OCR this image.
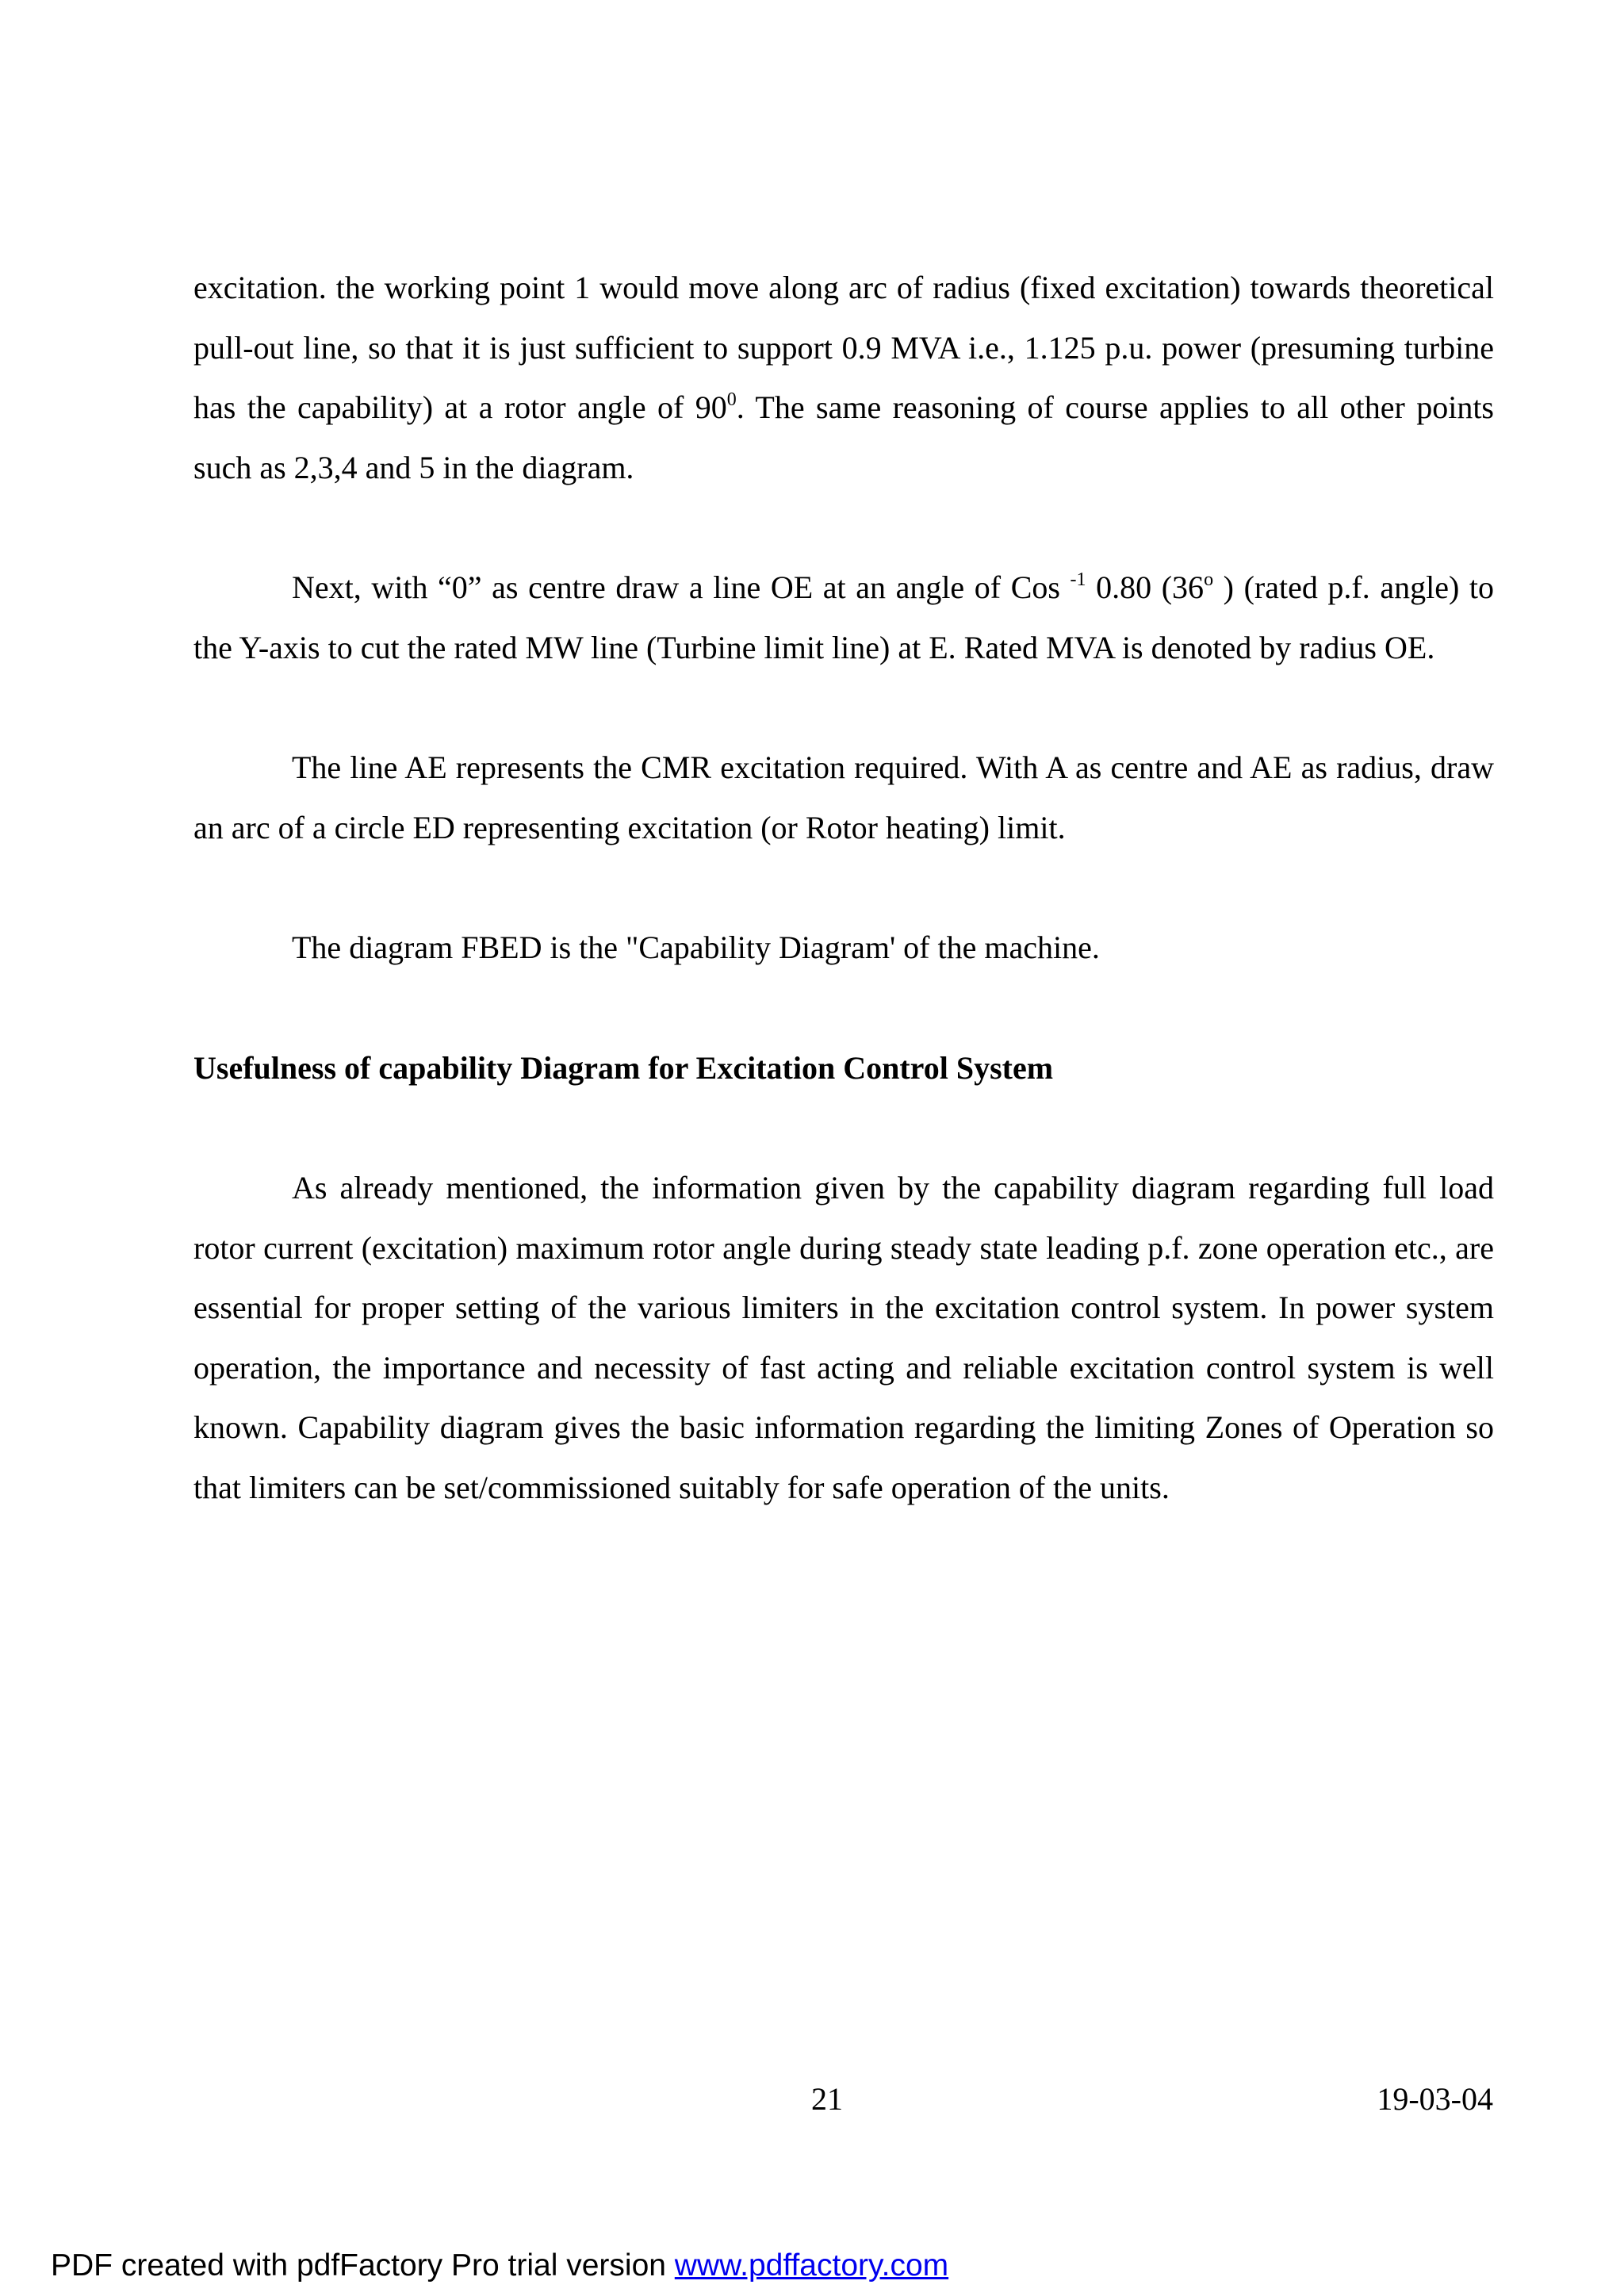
excitation. the working point 1 would move along arc of radius (fixed excitation) towards theoretical pull-out line, so that it is just sufficient to support 0.9 MVA i.e., 1.125 p.u. power (presuming turbine has the capability) at a rotor angle of $90^0$. The same reasoning of course applies to all other points such as 2,3,4 and 5 in the diagram.

Next, with “0” as centre draw a line OE at an angle of Cos $^{-1}$ 0.80 (36$^o$ ) (rated p.f. angle) to the Y-axis to cut the rated MW line (Turbine limit line) at E. Rated MVA is denoted by radius OE.

The line AE represents the CMR excitation required. With A as centre and AE as radius, draw an arc of a circle ED representing excitation (or Rotor heating) limit.

The diagram FBED is the "Capability Diagram' of the machine.

Usefulness of capability Diagram for Excitation Control System

As already mentioned, the information given by the capability diagram regarding full load rotor current (excitation) maximum rotor angle during steady state leading p.f. zone operation etc., are essential for proper setting of the various limiters in the excitation control system. In power system operation, the importance and necessity of fast acting and reliable excitation control system is well known. Capability diagram gives the basic information regarding the limiting Zones of Operation so that limiters can be set/commissioned suitably for safe operation of the units.

21	19-03-04
PDF created with pdfFactory Pro trial version www.pdffactory.com
